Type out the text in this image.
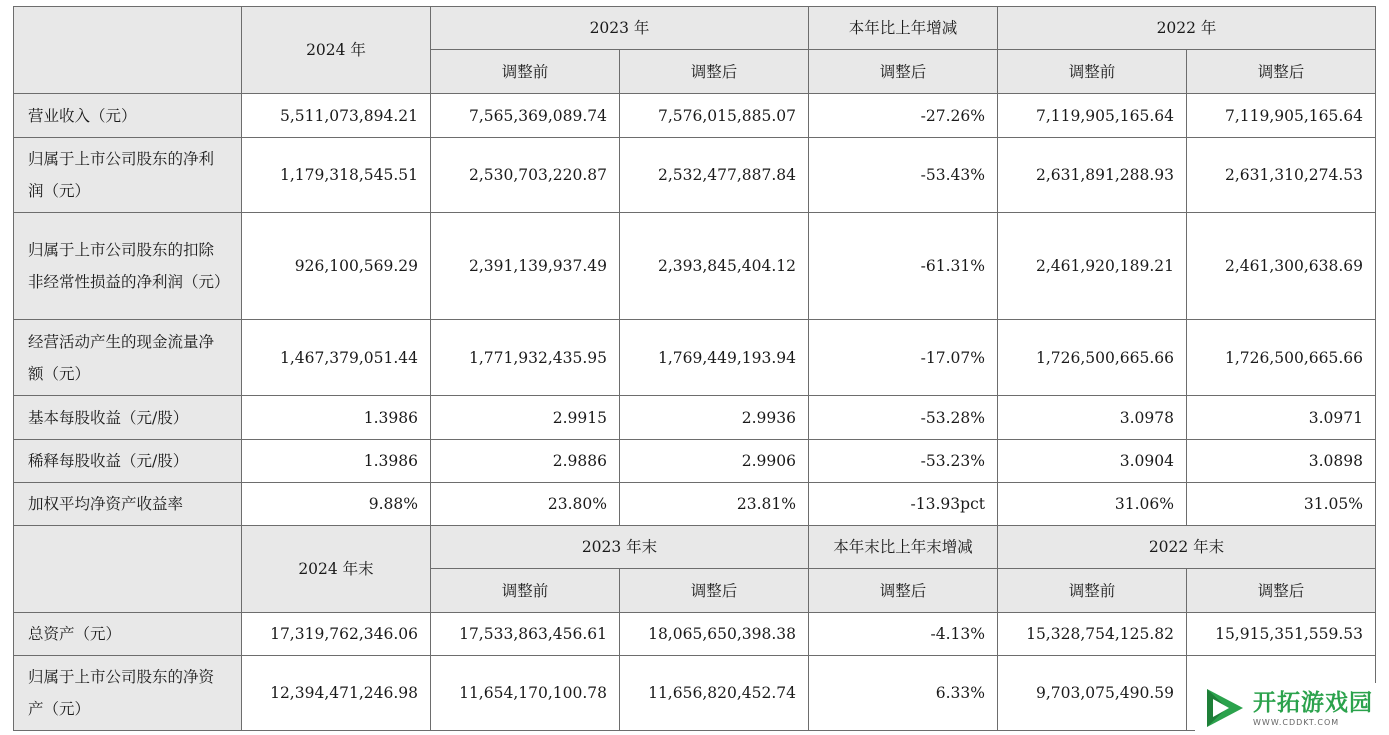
	2024 年	2023 年		本年比上年增减	2022 年	
		调整前	调整后	调整后	调整前	调整后
营业收入（元）	5,511,073,894.21	7,565,369,089.74	7,576,015,885.07	-27.26%	7,119,905,165.64	7,119,905,165.64
归属于上市公司股东的净利润（元）	1,179,318,545.51	2,530,703,220.87	2,532,477,887.84	-53.43%	2,631,891,288.93	2,631,310,274.53
归属于上市公司股东的扣除非经常性损益的净利润（元）	926,100,569.29	2,391,139,937.49	2,393,845,404.12	-61.31%	2,461,920,189.21	2,461,300,638.69
经营活动产生的现金流量净额（元）	1,467,379,051.44	1,771,932,435.95	1,769,449,193.94	-17.07%	1,726,500,665.66	1,726,500,665.66
基本每股收益（元/股）	1.3986	2.9915	2.9936	-53.28%	3.0978	3.0971
稀释每股收益（元/股）	1.3986	2.9886	2.9906	-53.23%	3.0904	3.0898
加权平均净资产收益率	9.88%	23.80%	23.81%	-13.93pct	31.06%	31.05%
	2024 年末	2023 年末		本年末比上年末增减	2022 年末	
		调整前	调整后	调整后	调整前	调整后
总资产（元）	17,319,762,346.06	17,533,863,456.61	18,065,650,398.38	-4.13%	15,328,754,125.82	15,915,351,559.53
归属于上市公司股东的净资产（元）	12,394,471,246.98	11,654,170,100.78	11,656,820,452.74	6.33%	9,703,075,490.59		开拓游戏园
WWW.CDDKT.COM
